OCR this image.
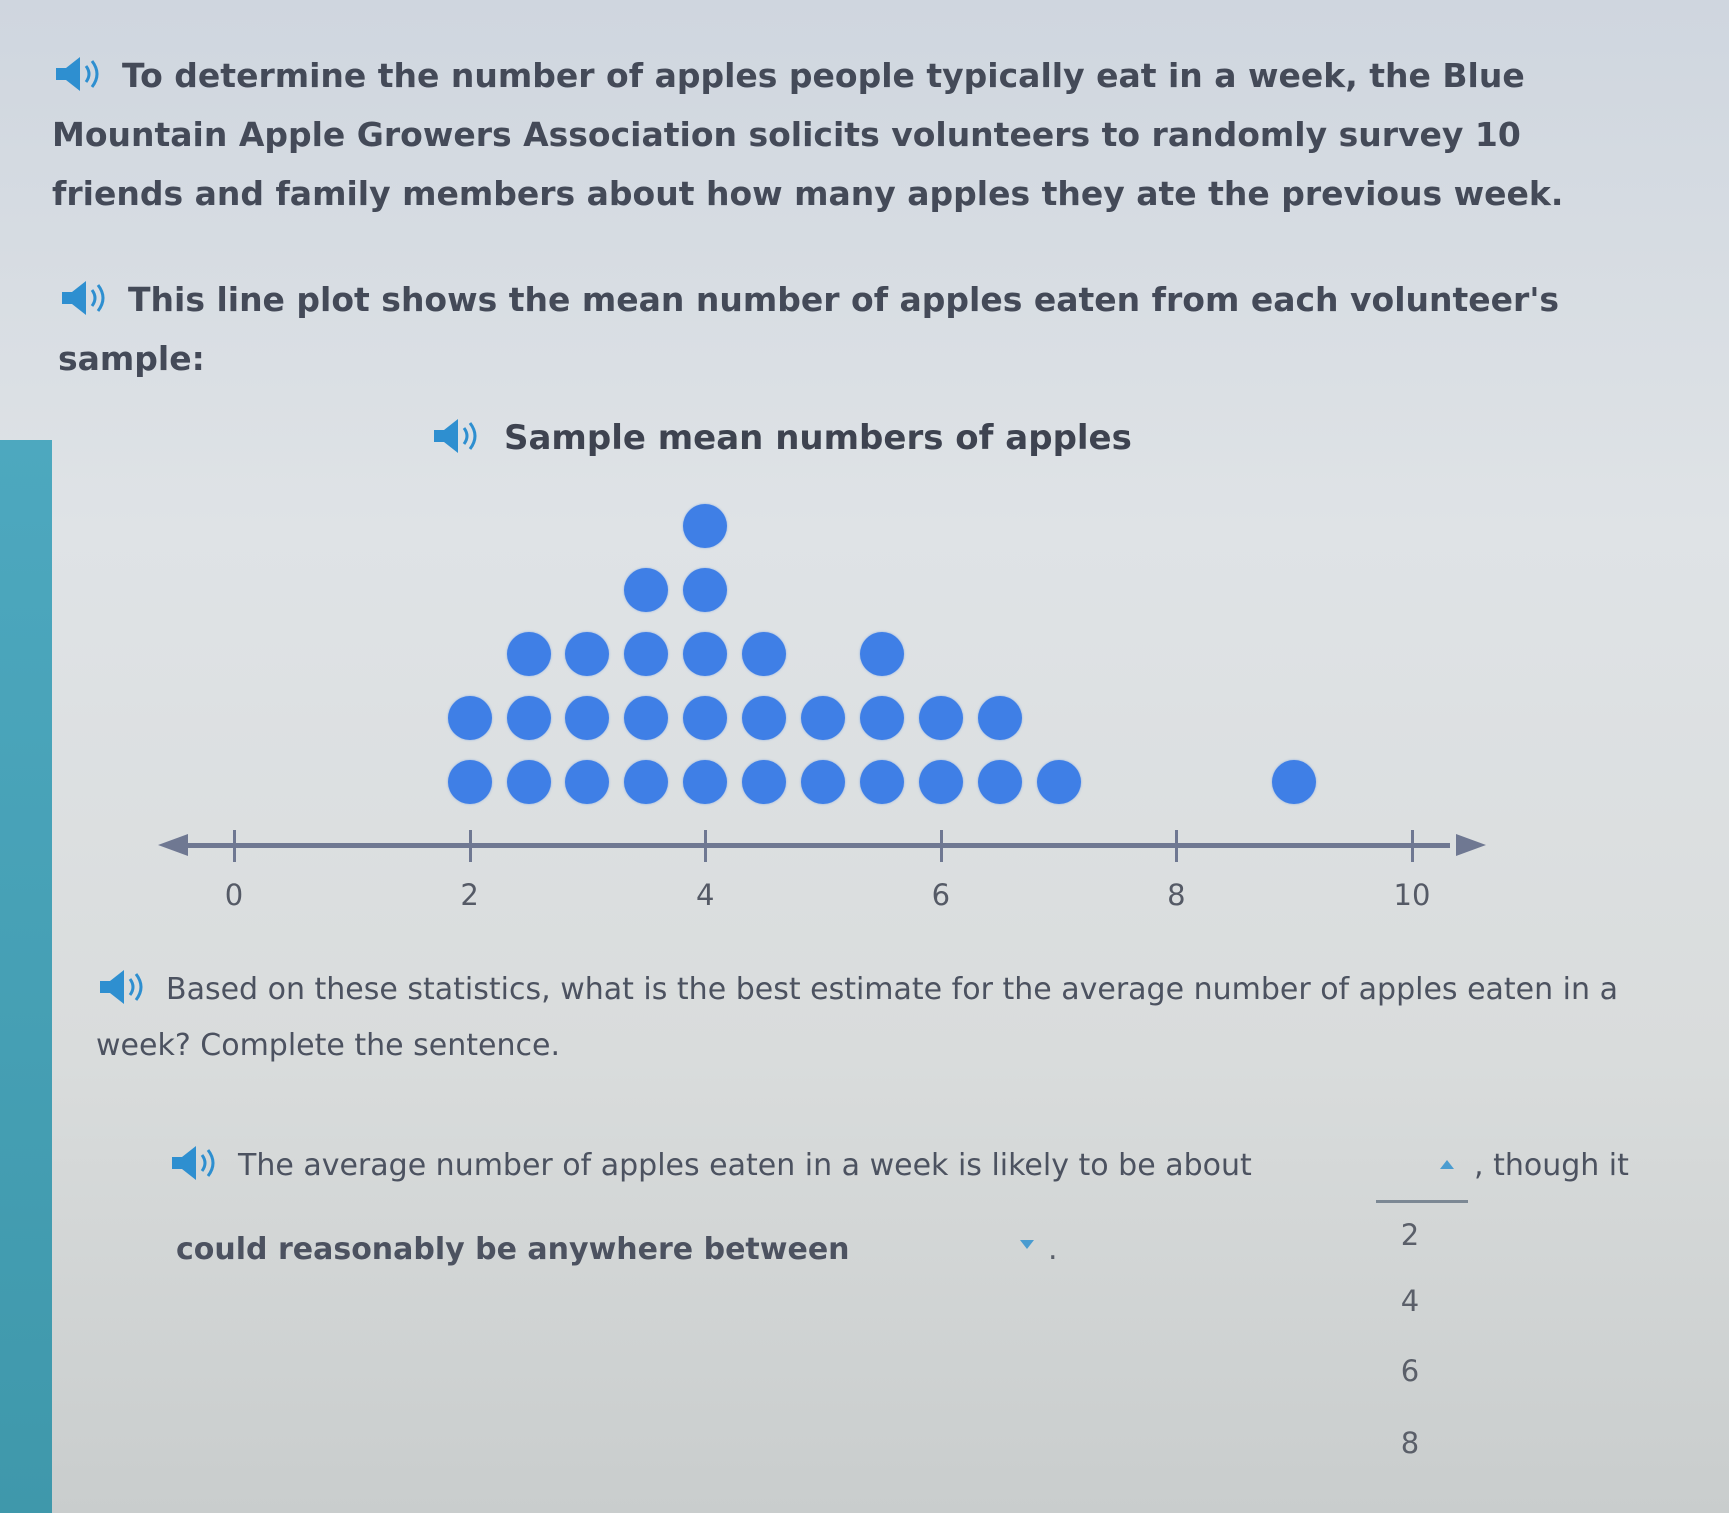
To determine the number of apples people typically eat in a week, the Blue Mountain Apple Growers Association solicits volunteers to randomly survey 10 friends and family members about how many apples they ate the previous week.
This line plot shows the mean number of apples eaten from each volunteer's sample:
Sample mean numbers of apples
0	2	4	6	8	10
Based on these statistics, what is the best estimate for the average number of apples eaten in a week? Complete the sentence.
The average number of apples eaten in a week is likely to be about	, though it
could reasonably be anywhere between	.	2
4
6
8
